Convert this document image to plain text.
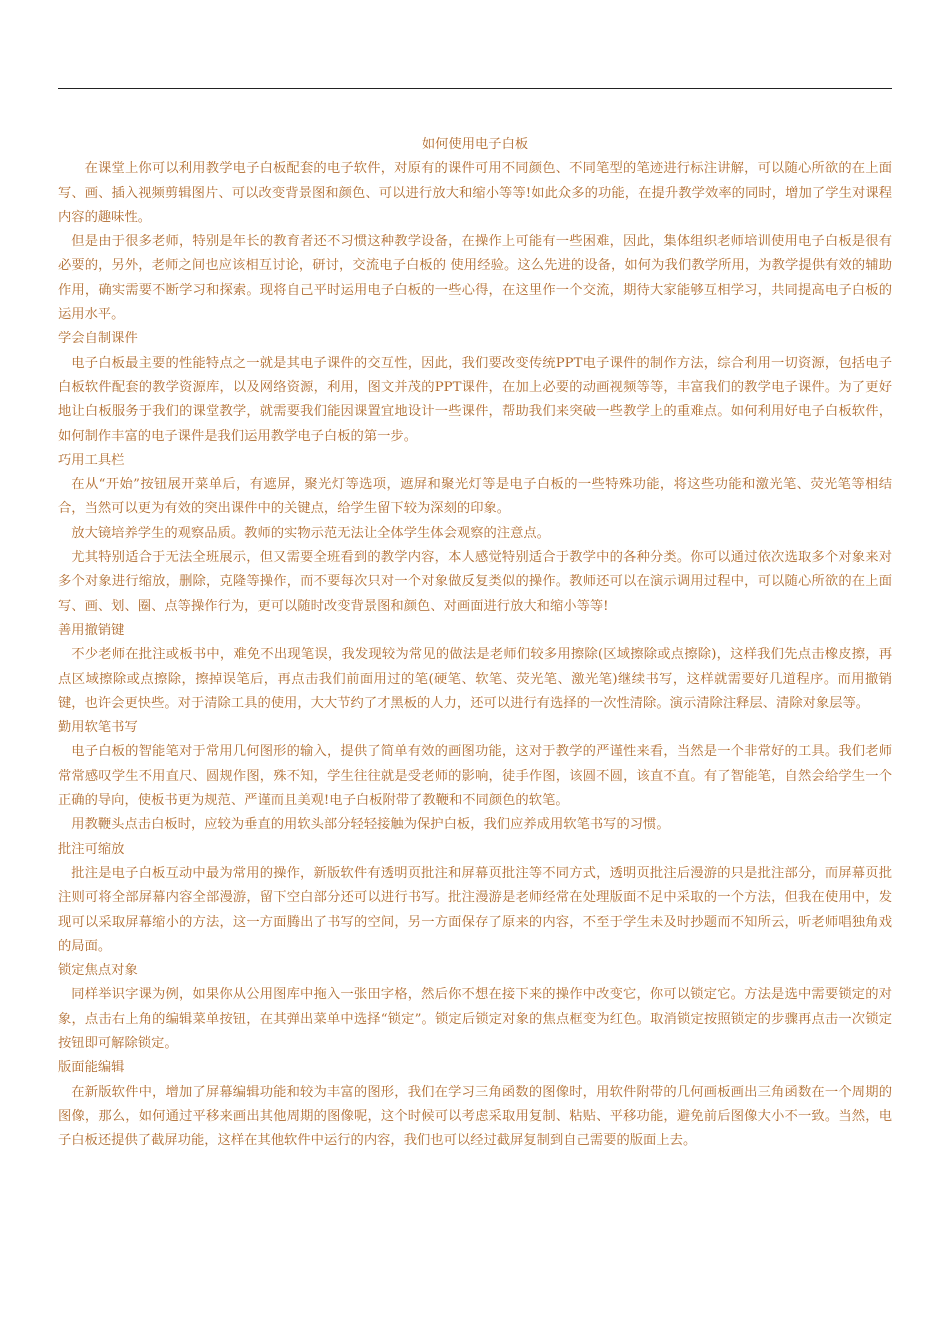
如何使用电子白板

在课堂上你可以利用教学电子白板配套的电子软件，对原有的课件可用不同颜色、不同笔型的笔迹进行标注讲解，可以随心所欲的在上面写、画、插入视频剪辑图片、可以改变背景图和颜色、可以进行放大和缩小等等!如此众多的功能，在提升教学效率的同时，增加了学生对课程内容的趣味性。

但是由于很多老师，特别是年长的教育者还不习惯这种教学设备，在操作上可能有一些困难，因此，集体组织老师培训使用电子白板是很有必要的，另外，老师之间也应该相互讨论，研讨，交流电子白板的 使用经验。这么先进的设备，如何为我们教学所用，为教学提供有效的辅助作用，确实需要不断学习和探索。现将自己平时运用电子白板的一些心得，在这里作一个交流，期待大家能够互相学习，共同提高电子白板的运用水平。

学会自制课件

电子白板最主要的性能特点之一就是其电子课件的交互性，因此，我们要改变传统PPT电子课件的制作方法，综合利用一切资源，包括电子白板软件配套的教学资源库，以及网络资源，利用，图文并茂的PPT课件，在加上必要的动画视频等等，丰富我们的教学电子课件。为了更好地让白板服务于我们的课堂教学，就需要我们能因课置宜地设计一些课件，帮助我们来突破一些教学上的重难点。如何利用好电子白板软件，如何制作丰富的电子课件是我们运用教学电子白板的第一步。

巧用工具栏

在从“开始”按钮展开菜单后，有遮屏，聚光灯等选项，遮屏和聚光灯等是电子白板的一些特殊功能，将这些功能和激光笔、荧光笔等相结合，当然可以更为有效的突出课件中的关键点，给学生留下较为深刻的印象。

放大镜培养学生的观察品质。教师的实物示范无法让全体学生体会观察的注意点。

尤其特别适合于无法全班展示，但又需要全班看到的教学内容，本人感觉特别适合于教学中的各种分类。你可以通过依次选取多个对象来对多个对象进行缩放，删除，克隆等操作，而不要每次只对一个对象做反复类似的操作。教师还可以在演示调用过程中，可以随心所欲的在上面写、画、划、圈、点等操作行为，更可以随时改变背景图和颜色、对画面进行放大和缩小等等!

善用撤销键

不少老师在批注或板书中，难免不出现笔误，我发现较为常见的做法是老师们较多用擦除(区域擦除或点擦除)，这样我们先点击橡皮擦，再点区域擦除或点擦除，擦掉误笔后，再点击我们前面用过的笔(硬笔、软笔、荧光笔、激光笔)继续书写，这样就需要好几道程序。而用撤销键，也许会更快些。对于清除工具的使用，大大节约了才黑板的人力，还可以进行有选择的一次性清除。演示清除注释层、清除对象层等。

勤用软笔书写

电子白板的智能笔对于常用几何图形的输入，提供了简单有效的画图功能，这对于教学的严谨性来看，当然是一个非常好的工具。我们老师常常感叹学生不用直尺、圆规作图，殊不知，学生往往就是受老师的影响，徒手作图，该圆不圆，该直不直。有了智能笔，自然会给学生一个正确的导向，使板书更为规范、严谨而且美观!电子白板附带了教鞭和不同颜色的软笔。

用教鞭头点击白板时，应较为垂直的用软头部分轻轻接触为保护白板，我们应养成用软笔书写的习惯。

批注可缩放

批注是电子白板互动中最为常用的操作，新版软件有透明页批注和屏幕页批注等不同方式，透明页批注后漫游的只是批注部分，而屏幕页批注则可将全部屏幕内容全部漫游，留下空白部分还可以进行书写。批注漫游是老师经常在处理版面不足中采取的一个方法，但我在使用中，发现可以采取屏幕缩小的方法，这一方面腾出了书写的空间，另一方面保存了原来的内容，不至于学生未及时抄题而不知所云，听老师唱独角戏的局面。

锁定焦点对象

同样举识字课为例，如果你从公用图库中拖入一张田字格，然后你不想在接下来的操作中改变它，你可以锁定它。方法是选中需要锁定的对象，点击右上角的编辑菜单按钮，在其弹出菜单中选择“锁定”。锁定后锁定对象的焦点框变为红色。取消锁定按照锁定的步骤再点击一次锁定按钮即可解除锁定。

版面能编辑

在新版软件中，增加了屏幕编辑功能和较为丰富的图形，我们在学习三角函数的图像时，用软件附带的几何画板画出三角函数在一个周期的图像，那么，如何通过平移来画出其他周期的图像呢，这个时候可以考虑采取用复制、粘贴、平移功能，避免前后图像大小不一致。当然，电子白板还提供了截屏功能，这样在其他软件中运行的内容，我们也可以经过截屏复制到自己需要的版面上去。
